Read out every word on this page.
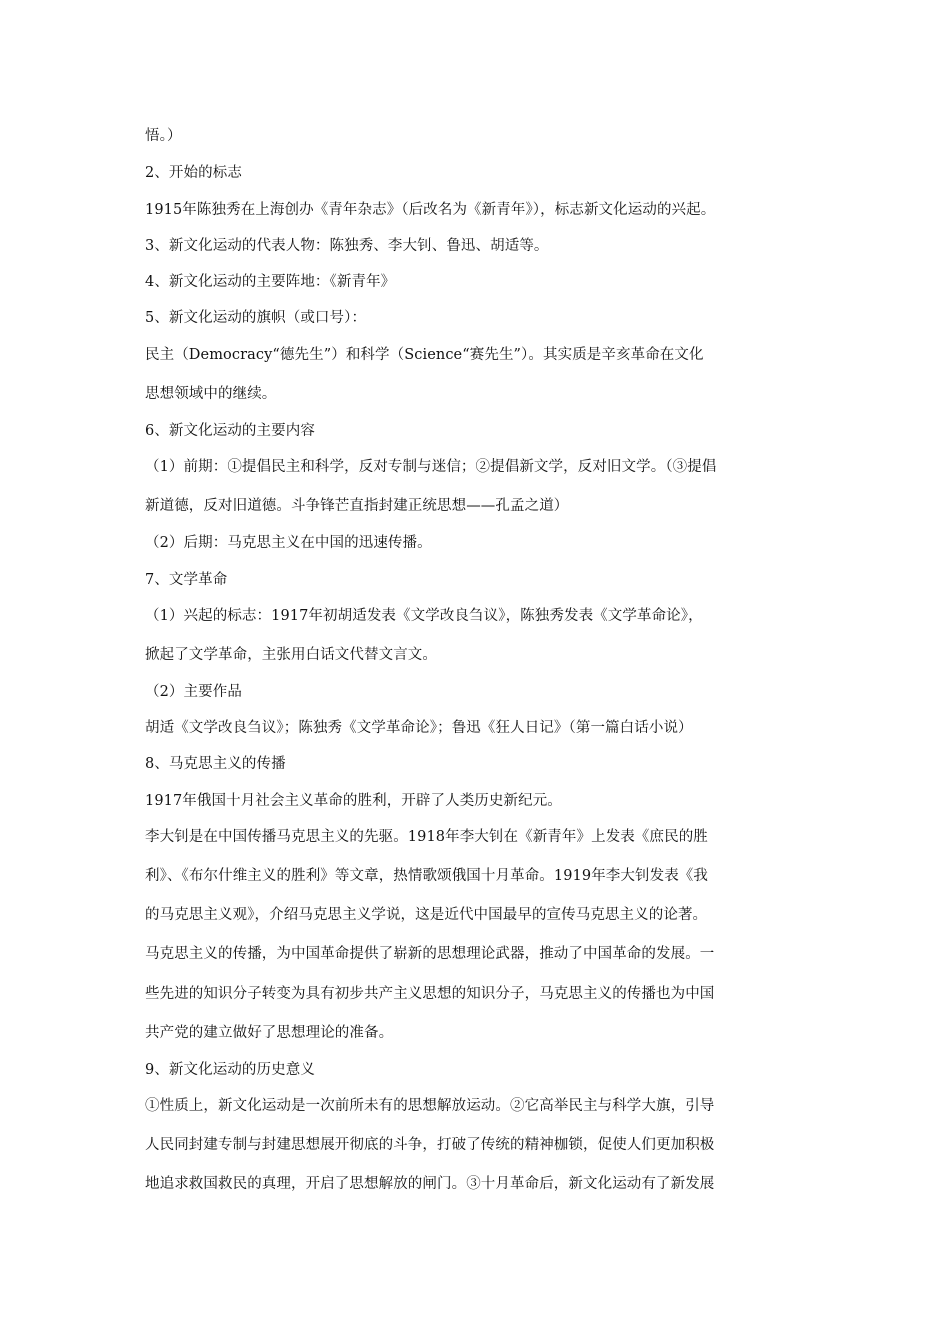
悟。）
2、开始的标志
1915年陈独秀在上海创办《青年杂志》（后改名为《新青年》），标志新文化运动的兴起。
3、新文化运动的代表人物：陈独秀、李大钊、鲁迅、胡适等。
4、新文化运动的主要阵地：《新青年》
5、新文化运动的旗帜（或口号）：
民主（Democracy“德先生”）和科学（Science“赛先生”）。其实质是辛亥革命在文化
思想领域中的继续。
6、新文化运动的主要内容
（1）前期：①提倡民主和科学，反对专制与迷信；②提倡新文学，反对旧文学。（③提倡
新道德，反对旧道德。斗争锋芒直指封建正统思想——孔孟之道）
（2）后期：马克思主义在中国的迅速传播。
7、文学革命
（1）兴起的标志：1917年初胡适发表《文学改良刍议》，陈独秀发表《文学革命论》，
掀起了文学革命，主张用白话文代替文言文。
（2）主要作品
胡适《文学改良刍议》；陈独秀《文学革命论》；鲁迅《狂人日记》（第一篇白话小说）
8、马克思主义的传播
1917年俄国十月社会主义革命的胜利，开辟了人类历史新纪元。
李大钊是在中国传播马克思主义的先驱。1918年李大钊在《新青年》上发表《庶民的胜
利》、《布尔什维主义的胜利》等文章，热情歌颂俄国十月革命。1919年李大钊发表《我
的马克思主义观》，介绍马克思主义学说，这是近代中国最早的宣传马克思主义的论著。
马克思主义的传播，为中国革命提供了崭新的思想理论武器，推动了中国革命的发展。一
些先进的知识分子转变为具有初步共产主义思想的知识分子，马克思主义的传播也为中国
共产党的建立做好了思想理论的准备。
9、新文化运动的历史意义
①性质上，新文化运动是一次前所未有的思想解放运动。②它高举民主与科学大旗，引导
人民同封建专制与封建思想展开彻底的斗争，打破了传统的精神枷锁，促使人们更加积极
地追求救国救民的真理，开启了思想解放的闸门。③十月革命后，新文化运动有了新发展
